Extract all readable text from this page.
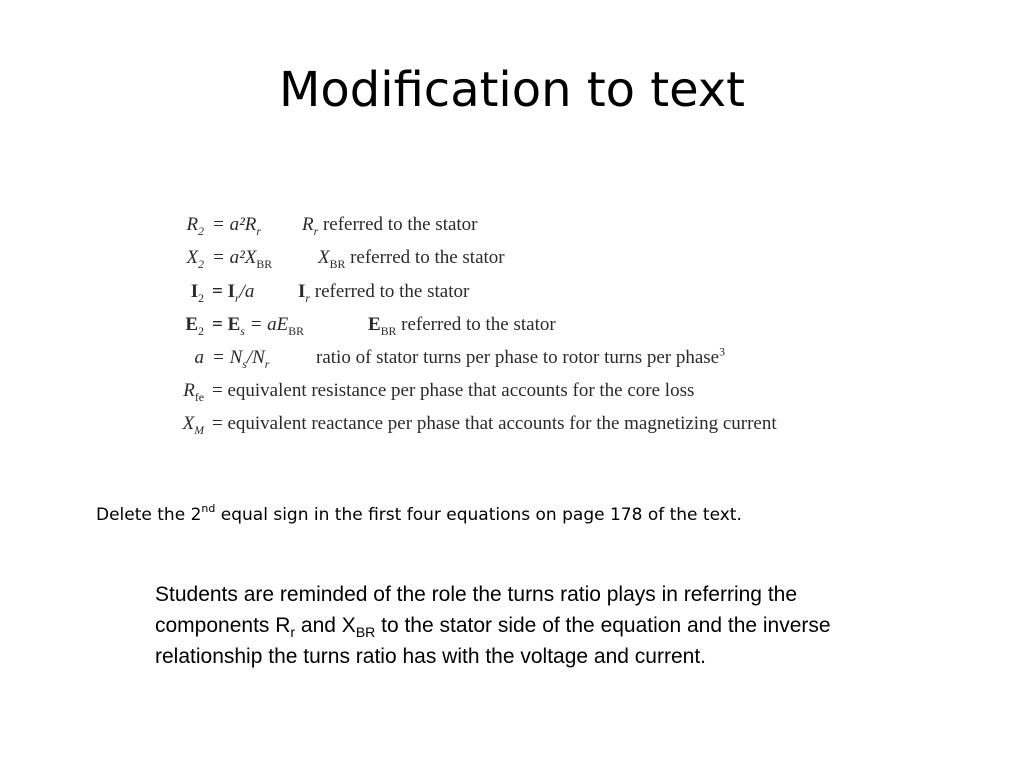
Modification to text
$R_2 = a^2R_r$ $R_r$ referred to the stator
$X_2 = a^2X_{BR}$ $X_{BR}$ referred to the stator
$I_2 = I_r/a$ $I_r$ referred to the stator
$E_2 = E_s = aE_{BR}$	$E_{BR}$ referred to the stator
$a = N_s/N_r$ ratio of stator turns per phase to rotor turns per phase$^3$
$R_{fe}$ = equivalent resistance per phase that accounts for the core loss
$X_M$ = equivalent reactance per phase that accounts for the magnetizing current
Delete the 2nd equal sign in the first four equations on page 178 of the text.
Students are reminded of the role the turns ratio plays in referring the components $R_r$ and $X_{BR}$ to the stator side of the equation and the inverse relationship the turns ratio has with the voltage and current.
